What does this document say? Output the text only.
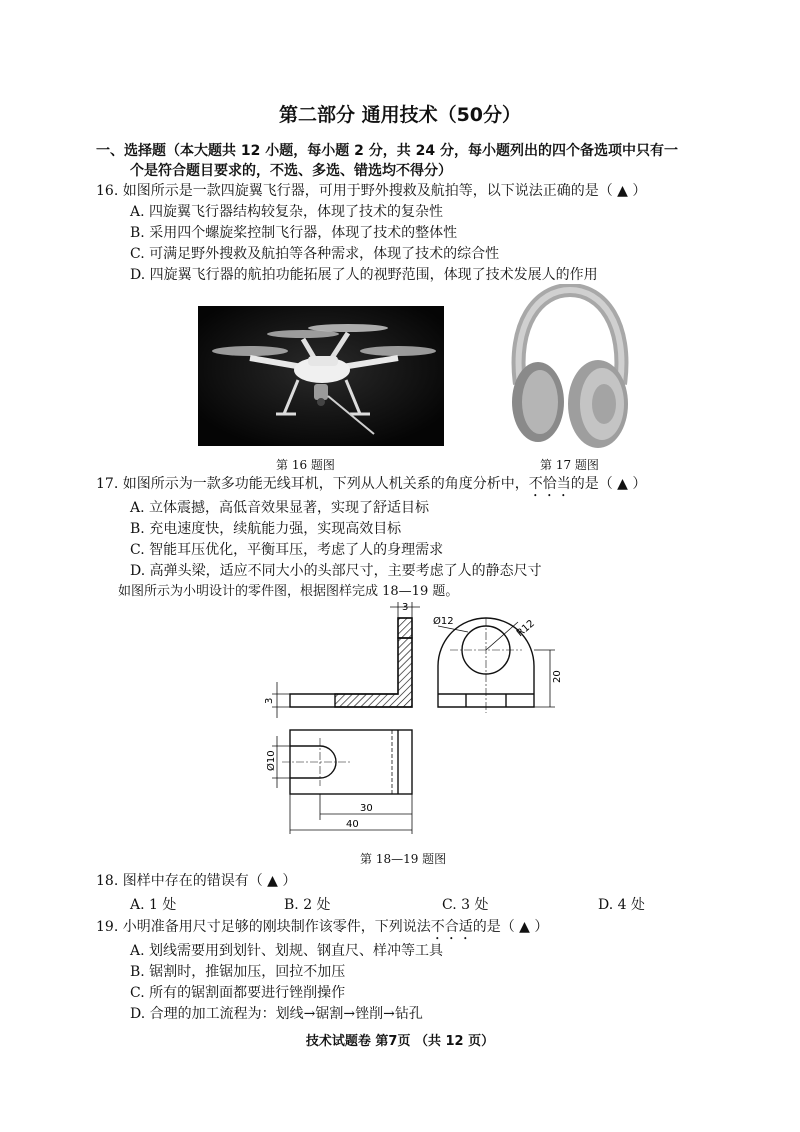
第二部分 通用技术（50分）
一、选择题（本大题共 12 小题，每小题 2 分，共 24 分，每小题列出的四个备选项中只有一
个是符合题目要求的，不选、多选、错选均不得分）
16. 如图所示是一款四旋翼飞行器，可用于野外搜救及航拍等，以下说法正确的是（ ▲ ）
A. 四旋翼飞行器结构较复杂，体现了技术的复杂性
B. 采用四个螺旋桨控制飞行器，体现了技术的整体性
C. 可满足野外搜救及航拍等各种需求，体现了技术的综合性
D. 四旋翼飞行器的航拍功能拓展了人的视野范围，体现了技术发展人的作用
第 16 题图	第 17 题图
17. 如图所示为一款多功能无线耳机，下列从人机关系的角度分析中，不恰当的是（ ▲ ）
A. 立体震撼，高低音效果显著，实现了舒适目标
B. 充电速度快，续航能力强，实现高效目标
C. 智能耳压优化，平衡耳压，考虑了人的身理需求
D. 高弹头梁，适应不同大小的头部尺寸，主要考虑了人的静态尺寸
如图所示为小明设计的零件图，根据图样完成 18—19 题。
3
3
Ø12	R12
20
Ø10
30
40
第 18—19 题图
18. 图样中存在的错误有（ ▲ ）
A. 1 处	B. 2 处	C. 3 处	D. 4 处
19. 小明准备用尺寸足够的刚块制作该零件，下列说法不合适的是（ ▲ ）
A. 划线需要用到划针、划规、钢直尺、样冲等工具
B. 锯割时，推锯加压，回拉不加压
C. 所有的锯割面都要进行锉削操作
D. 合理的加工流程为：划线→锯割→锉削→钻孔
技术试题卷 第7页 （共 12 页）
